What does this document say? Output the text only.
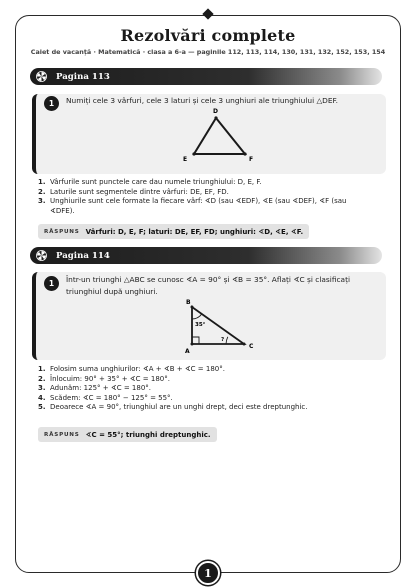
Rezolvări complete
Caiet de vacanță · Matematică · clasa a 6-a — paginile 112, 113, 114, 130, 131, 132, 152, 153, 154
Pagina 113
1	Numiți cele 3 vârfuri, cele 3 laturi și cele 3 unghiuri ale triunghiului △DEF.
D
E	F
1. Vârfurile sunt punctele care dau numele triunghiului: D, E, F.
2. Laturile sunt segmentele dintre vârfuri: DE, EF, FD.
3. Unghiurile sunt cele formate la fiecare vârf: ∢D (sau ∢EDF), ∢E (sau ∢DEF), ∢F (sau
∢DFE).
RĂSPUNS Vârfuri: D, E, F; laturi: DE, EF, FD; unghiuri: ∢D, ∢E, ∢F.
Pagina 114
1	Într-un triunghi △ABC se cunosc ∢A = 90° și ∢B = 35°. Aflați ∢C și clasificați
triunghiul după unghiuri.
B
A
C
35°
?
1. Folosim suma unghiurilor: ∢A + ∢B + ∢C = 180°.
2. Înlocuim: 90° + 35° + ∢C = 180°.
3. Adunăm: 125° + ∢C = 180°.
4. Scădem: ∢C = 180° − 125° = 55°.
5. Deoarece ∢A = 90°, triunghiul are un unghi drept, deci este dreptunghic.
RĂSPUNS ∢C = 55°; triunghi dreptunghic.
1
